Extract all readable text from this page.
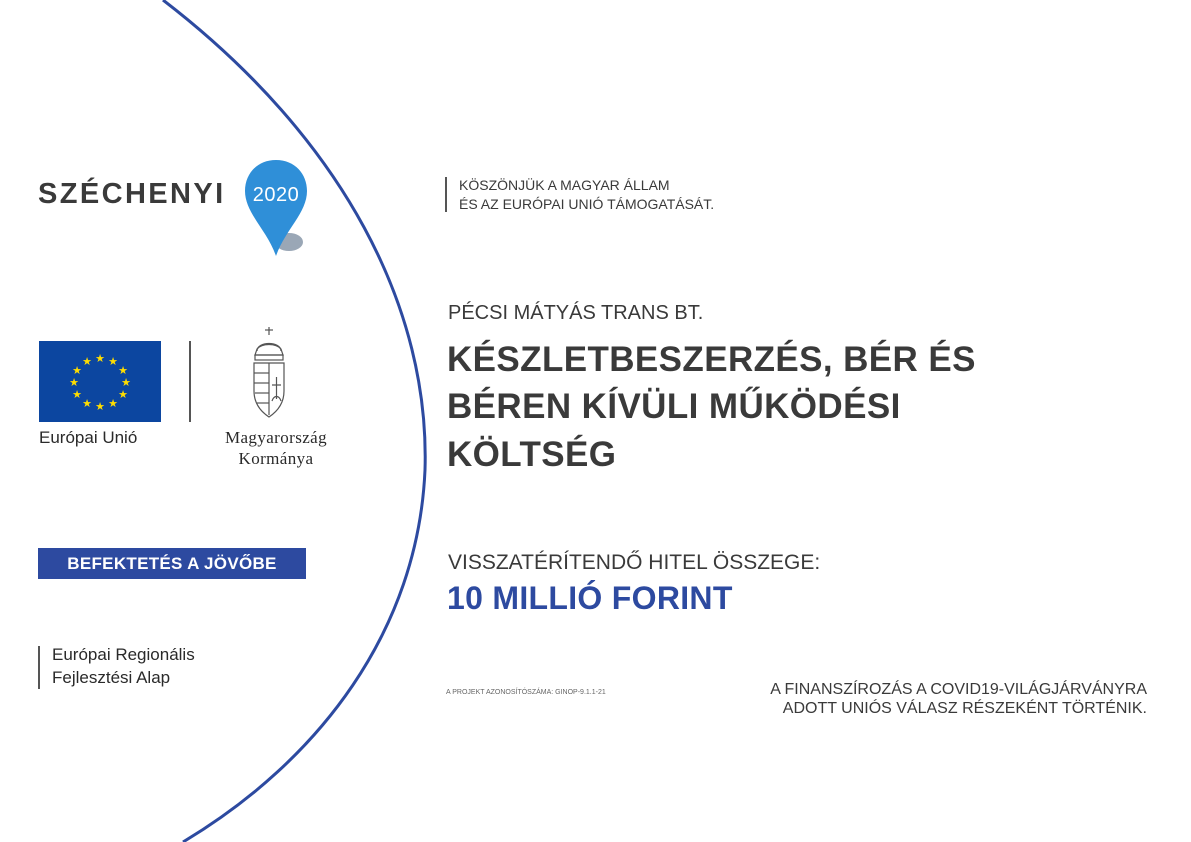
SZÉCHENYI	2020
★ ★
★
★
★
★
★
★
★
★
★
★
Európai Unió	Magyarország
Kormánya
BEFEKTETÉS A JÖVŐBE
Európai Regionális
Fejlesztési Alap
KÖSZÖNJÜK A MAGYAR ÁLLAM
ÉS AZ EURÓPAI UNIÓ TÁMOGATÁSÁT.
PÉCSI MÁTYÁS TRANS BT.
KÉSZLETBESZERZÉS, BÉR ÉS
BÉREN KÍVÜLI MŰKÖDÉSI
KÖLTSÉG
VISSZATÉRÍTENDŐ HITEL ÖSSZEGE:
10 MILLIÓ FORINT
A PROJEKT AZONOSÍTÓSZÁMA: GINOP-9.1.1-21	A FINANSZÍROZÁS A COVID19-VILÁGJÁRVÁNYRA
ADOTT UNIÓS VÁLASZ RÉSZEKÉNT TÖRTÉNIK.
